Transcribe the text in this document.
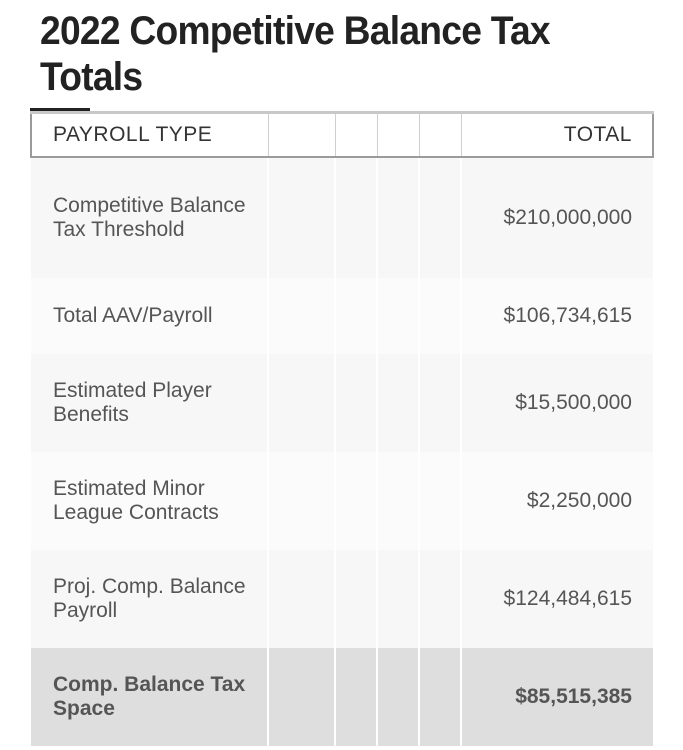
2022 Competitive Balance Tax Totals
PAYROLL TYPE					TOTAL
Competitive Balance Tax Threshold					$210,000,000
Total AAV/Payroll					$106,734,615
Estimated Player Benefits					$15,500,000
Estimated Minor League Contracts					$2,250,000
Proj. Comp. Balance Payroll					$124,484,615
Comp. Balance Tax Space					$85,515,385
